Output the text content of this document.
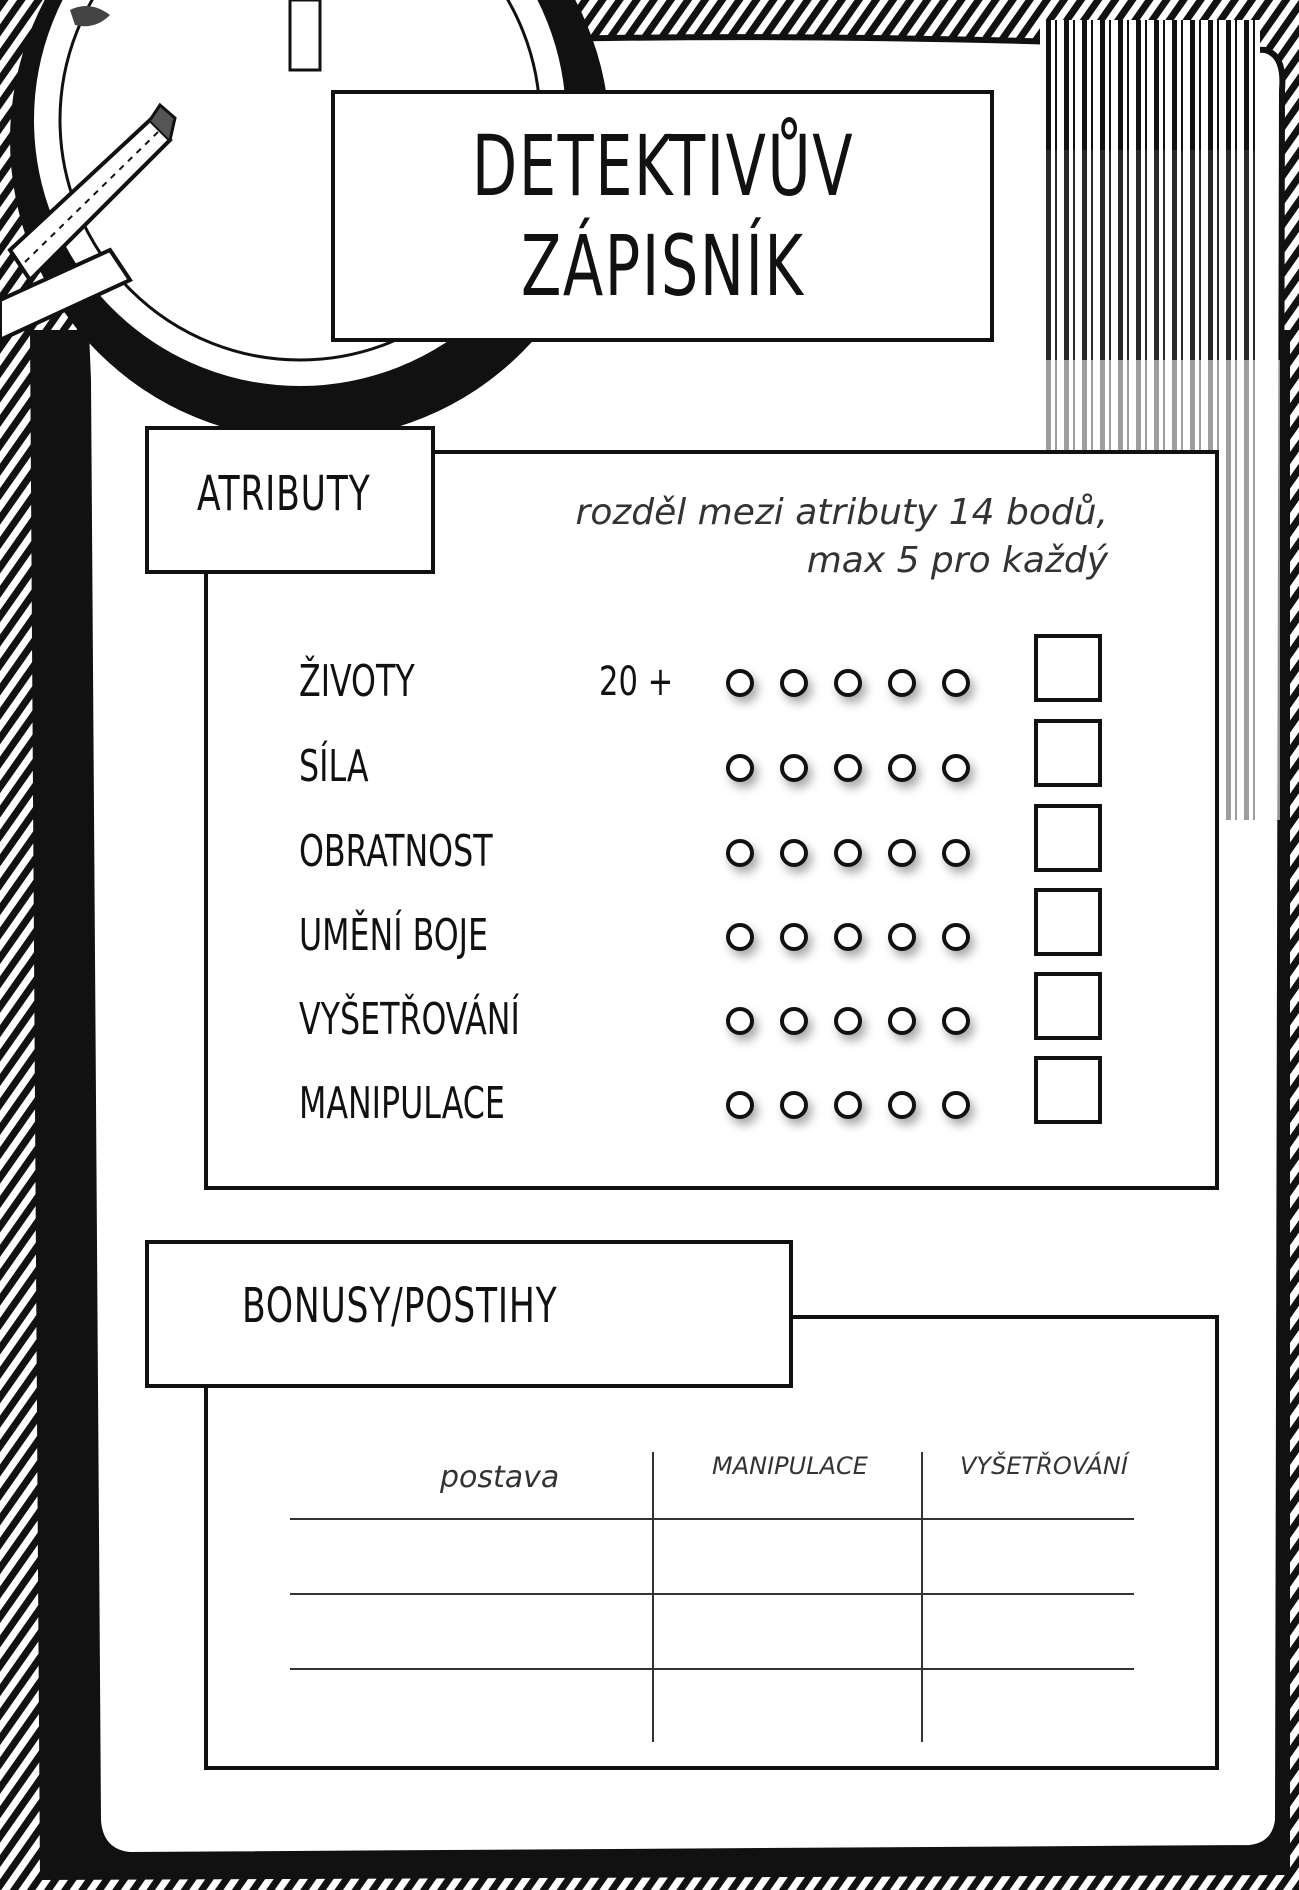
DETEKTIVŮV
ZÁPISNÍK
ATRIBUTY	rozděl mezi atributy 14 bodů,
max 5 pro každý
ŽIVOTY	20 +
SÍLA
OBRATNOST
UMĚNÍ BOJE
VYŠETŘOVÁNÍ
MANIPULACE
BONUSY/POSTIHY
postava	MANIPULACE	VYŠETŘOVÁNÍ
